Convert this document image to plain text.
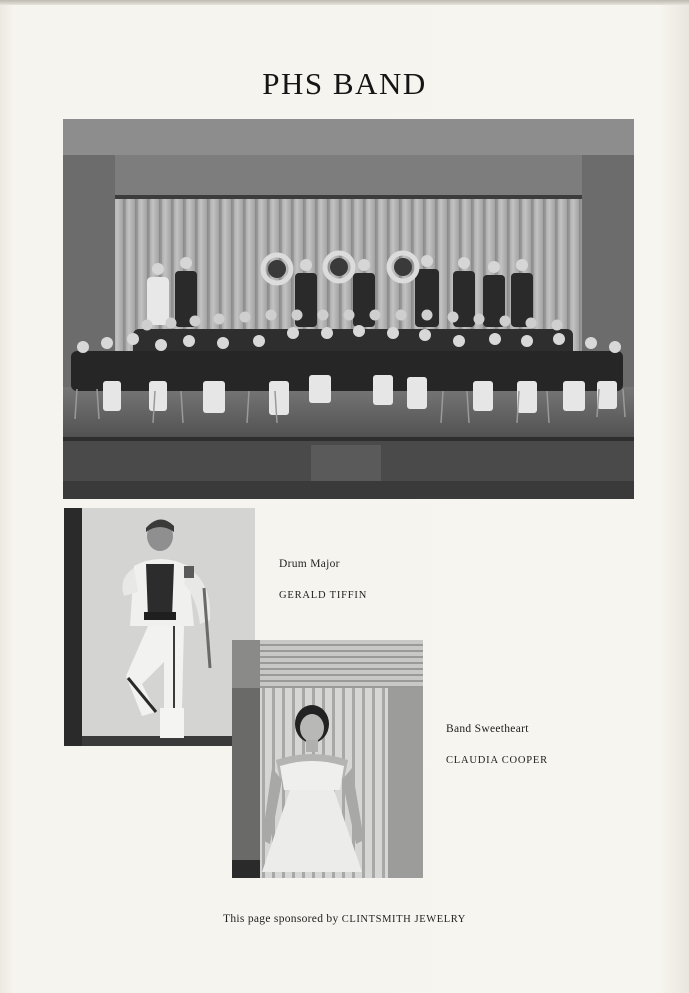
PHS BAND
Drum Major
GERALD TIFFIN
Band Sweetheart
CLAUDIA COOPER
This page sponsored by CLINTSMITH JEWELRY
